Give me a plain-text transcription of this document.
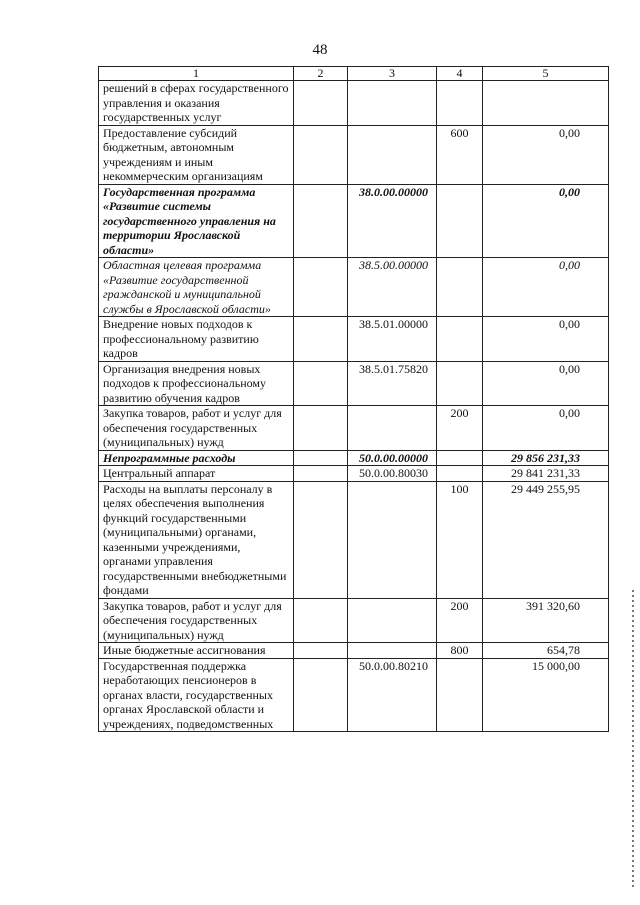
48
1	2	3	4	5
решений в сферах государственного управления и оказания государственных услуг				
Предоставление субсидий бюджетным, автономным учреждениям и иным некоммерческим организациям			600	0,00
Государственная программа «Развитие системы государственного управления на территории Ярославской области»		38.0.00.00000		0,00
Областная целевая программа «Развитие государственной гражданской и муниципальной службы в Ярославской области»		38.5.00.00000		0,00
Внедрение новых подходов к профессиональному развитию кадров		38.5.01.00000		0,00
Организация внедрения новых подходов к профессиональному развитию обучения кадров		38.5.01.75820		0,00
Закупка товаров, работ и услуг для обеспечения государственных (муниципальных) нужд			200	0,00
Непрограммные расходы		50.0.00.00000		29 856 231,33
Центральный аппарат		50.0.00.80030		29 841 231,33
Расходы на выплаты персоналу в целях обеспечения выполнения функций государственными (муниципальными) органами, казенными учреждениями, органами управления государственными внебюджетными фондами			100	29 449 255,95
Закупка товаров, работ и услуг для обеспечения государственных (муниципальных) нужд			200	391 320,60
Иные бюджетные ассигнования			800	654,78
Государственная поддержка неработающих пенсионеров в органах власти, государственных органах Ярославской области и учреждениях, подведомственных		50.0.00.80210		15 000,00
